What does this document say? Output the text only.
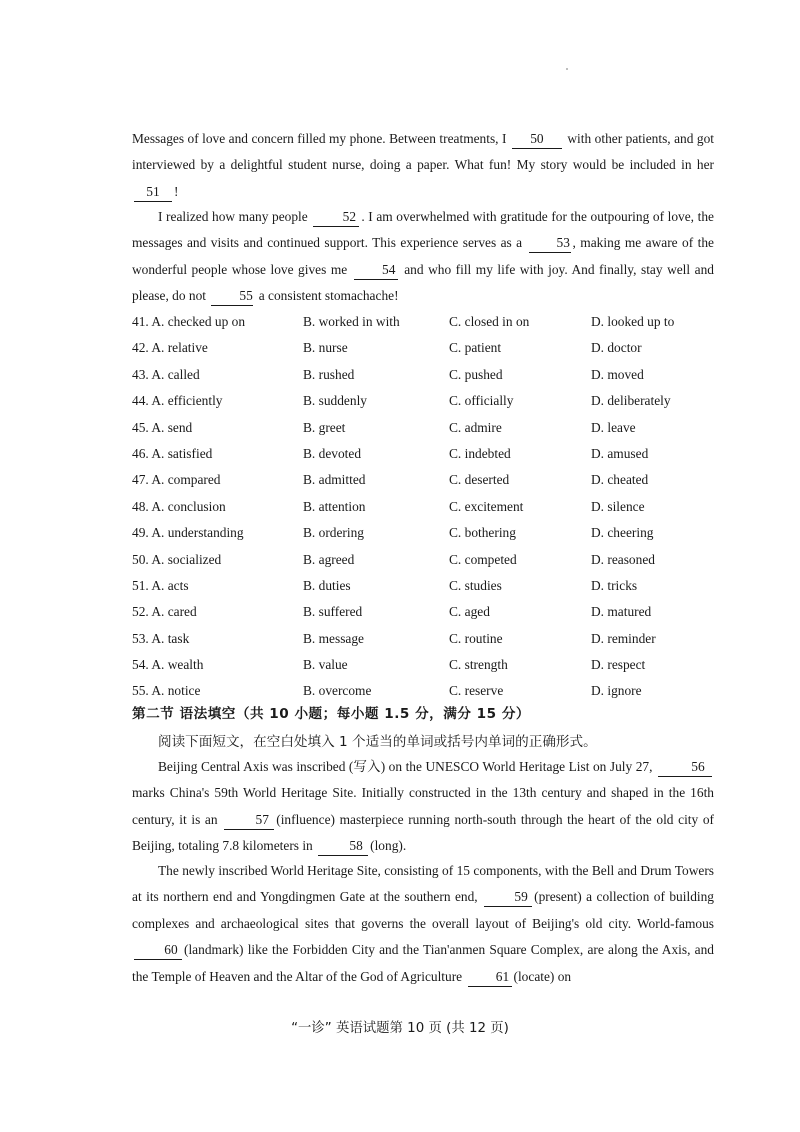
Messages of love and concern filled my phone. Between treatments, I 50 with other patients, and got interviewed by a delightful student nurse, doing a paper. What fun! My story would be included in her 51 !

I realized how many people	52 . I am overwhelmed with gratitude for the outpouring of love, the messages and visits and continued support. This experience serves as a	53 , making me aware of the wonderful people whose love gives me	54 and who fill my life with joy. And finally, stay well and please, do not 55 a consistent stomachache!

41. A. checked up on	B. worked in with	C. closed in on	D. looked up to
42. A. relative	B. nurse	C. patient	D. doctor
43. A. called	B. rushed	C. pushed	D. moved
44. A. efficiently	B. suddenly	C. officially	D. deliberately
45. A. send	B. greet	C. admire	D. leave
46. A. satisfied	B. devoted	C. indebted	D. amused
47. A. compared	B. admitted	C. deserted	D. cheated
48. A. conclusion	B. attention	C. excitement	D. silence
49. A. understanding	B. ordering	C. bothering	D. cheering
50. A. socialized	B. agreed	C. competed	D. reasoned
51. A. acts	B. duties	C. studies	D. tricks
52. A. cared	B. suffered	C. aged	D. matured
53. A. task	B. message	C. routine	D. reminder
54. A. wealth	B. value	C. strength	D. respect
55. A. notice	B. overcome	C. reserve	D. ignore
第二节 语法填空（共 10 小题；每小题 1.5 分，满分 15 分）
阅读下面短文，在空白处填入 1 个适当的单词或括号内单词的正确形式。

Beijing Central Axis was inscribed (写入) on the UNESCO World Heritage List on July 27,	56 marks China's 59th World Heritage Site. Initially constructed in the 13th century and shaped in the 16th century, it is an	57 (influence) masterpiece running north-south through the heart of the old city of Beijing, totaling 7.8 kilometers in	58 (long).

The newly inscribed World Heritage Site, consisting of 15 components, with the Bell and Drum Towers at its northern end and Yongdingmen Gate at the southern end,	59 (present) a collection of building complexes and archaeological sites that governs the overall layout of Beijing's old city. World-famous 60 (landmark) like the Forbidden City and the Tian'anmen Square Complex, are along the Axis, and the Temple of Heaven and the Altar of the God of Agriculture	61 (locate) on

“一诊” 英语试题第 10 页 (共 12 页)
